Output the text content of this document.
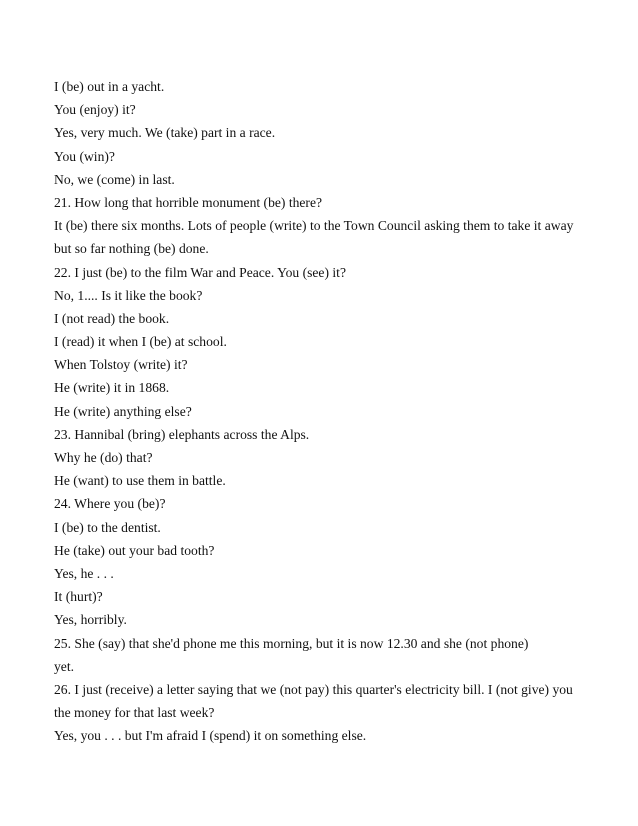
I (be) out in a yacht.
You (enjoy) it?
Yes, very much. We (take) part in a race.
You (win)?
No, we (come) in last.
21. How long that horrible monument (be) there?
It (be) there six months. Lots of people (write) to the Town Council asking them to take it away
but so far nothing (be) done.
22. I just (be) to the film War and Peace. You (see) it?
No, 1.... Is it like the book?
I (not read) the book.
I (read) it when I (be) at school.
When Tolstoy (write) it?
He (write) it in 1868.
He (write) anything else?
23. Hannibal (bring) elephants across the Alps.
Why he (do) that?
He (want) to use them in battle.
24. Where you (be)?
I (be) to the dentist.
He (take) out your bad tooth?
Yes, he . . .
It (hurt)?
Yes, horribly.
25. She (say) that she'd phone me this morning, but it is now 12.30 and she (not phone)
yet.
26. I just (receive) a letter saying that we (not pay) this quarter's electricity bill. I (not give) you
the money for that last week?
Yes, you . . . but I'm afraid I (spend) it on something else.
